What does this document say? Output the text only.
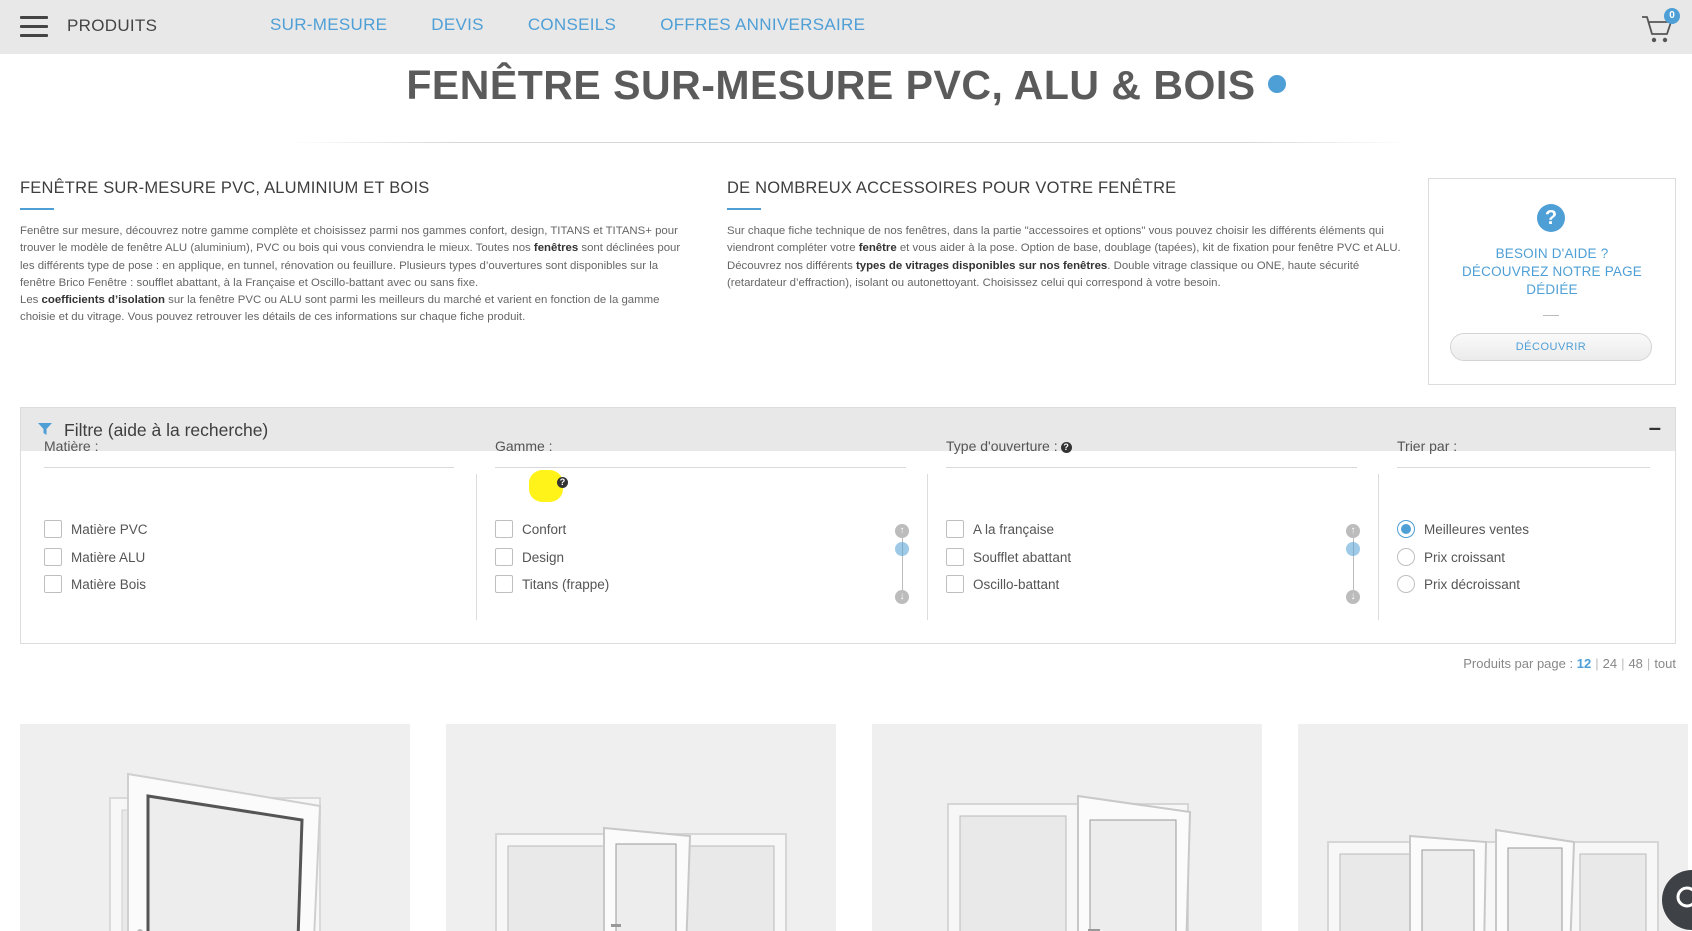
PRODUITS	SUR-MESURE	DEVIS	CONSEILS	OFFRES ANNIVERSAIRE	0
FENÊTRE SUR-MESURE PVC, ALU & BOIS
FENÊTRE SUR-MESURE PVC, ALUMINIUM ET BOIS
Fenêtre sur mesure, découvrez notre gamme complète et choisissez parmi nos gammes confort, design, TITANS et TITANS+ pour trouver le modèle de fenêtre ALU (aluminium), PVC ou bois qui vous conviendra le mieux. Toutes nos fenêtres sont déclinées pour les différents type de pose : en applique, en tunnel, rénovation ou feuillure. Plusieurs types d’ouvertures sont disponibles sur la fenêtre Brico Fenêtre : soufflet abattant, à la Française et Oscillo-battant avec ou sans fixe.
Les coefficients d’isolation sur la fenêtre PVC ou ALU sont parmi les meilleurs du marché et varient en fonction de la gamme choisie et du vitrage. Vous pouvez retrouver les détails de ces informations sur chaque fiche produit.
DE NOMBREUX ACCESSOIRES POUR VOTRE FENÊTRE
Sur chaque fiche technique de nos fenêtres, dans la partie "accessoires et options" vous pouvez choisir les différents éléments qui viendront compléter votre fenêtre et vous aider à la pose. Option de base, doublage (tapées), kit de fixation pour fenêtre PVC et ALU. Découvrez nos différents types de vitrages disponibles sur nos fenêtres. Double vitrage classique ou ONE, haute sécurité (retardateur d’effraction), isolant ou autonettoyant. Choisissez celui qui correspond à votre besoin.
?
BESOIN D'AIDE ?
DÉCOUVREZ NOTRE PAGE
DÉDIÉE
DÉCOUVRIR
Filtre (aide à la recherche)	–
Matière :
Matière PVC
Matière ALU
Matière Bois
Gamme :
Confort
Design
Titans (frappe)
↑
↓
Type d'ouverture : ?
A la française
Soufflet abattant
Oscillo-battant
↑
↓
Trier par :
Meilleures ventes
Prix croissant
Prix décroissant
?
Produits par page : 12 | 24 | 48 | tout
